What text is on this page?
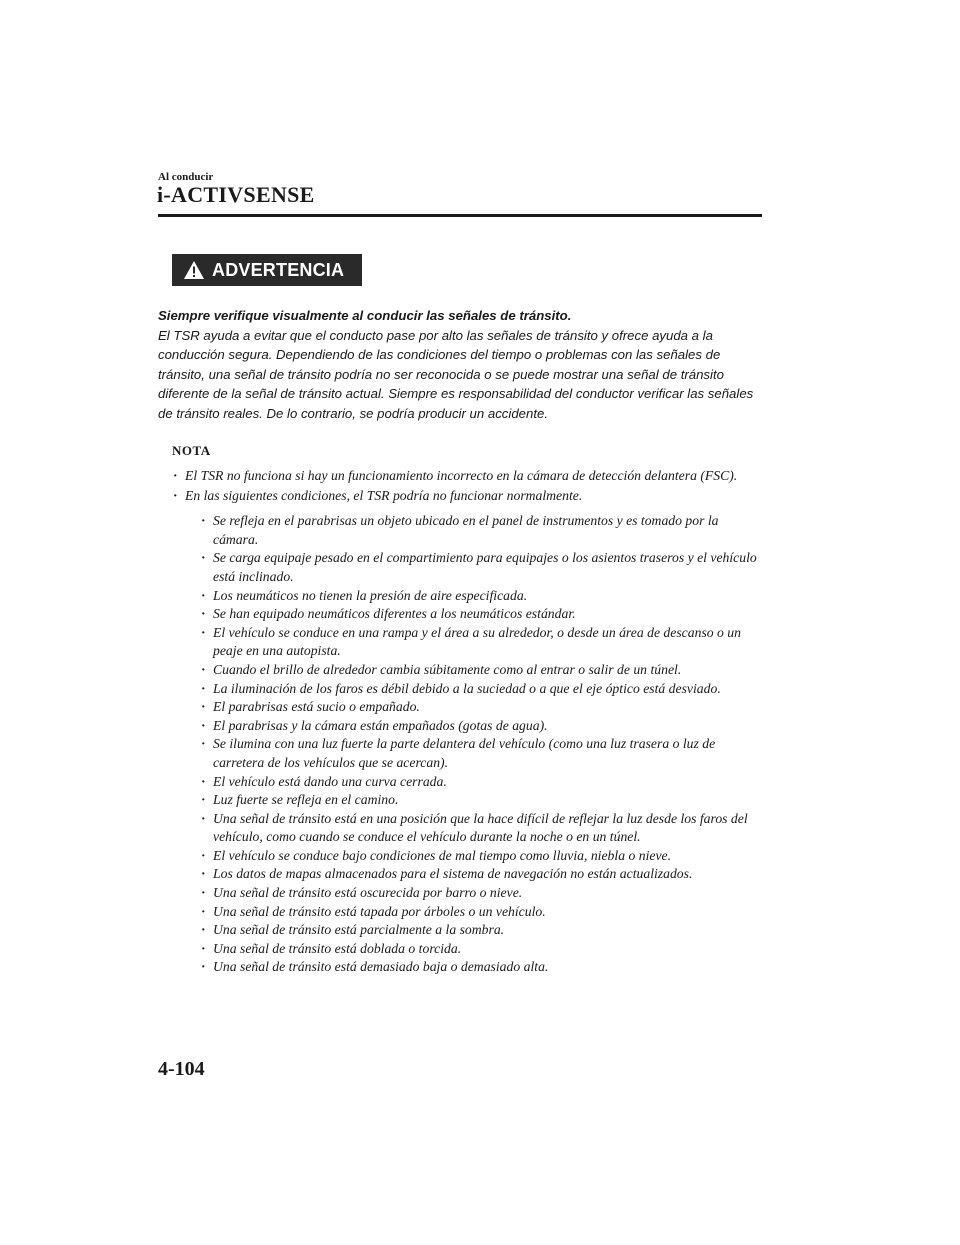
Al conducir
i-ACTIVSENSE
ADVERTENCIA
Siempre verifique visualmente al conducir las señales de tránsito.
El TSR ayuda a evitar que el conducto pase por alto las señales de tránsito y ofrece ayuda a la conducción segura. Dependiendo de las condiciones del tiempo o problemas con las señales de tránsito, una señal de tránsito podría no ser reconocida o se puede mostrar una señal de tránsito diferente de la señal de tránsito actual. Siempre es responsabilidad del conductor verificar las señales de tránsito reales. De lo contrario, se podría producir un accidente.
NOTA
· El TSR no funciona si hay un funcionamiento incorrecto en la cámara de detección delantera (FSC).
· En las siguientes condiciones, el TSR podría no funcionar normalmente.
· Se refleja en el parabrisas un objeto ubicado en el panel de instrumentos y es tomado por la cámara.
· Se carga equipaje pesado en el compartimiento para equipajes o los asientos traseros y el vehículo está inclinado.
· Los neumáticos no tienen la presión de aire especificada.
· Se han equipado neumáticos diferentes a los neumáticos estándar.
· El vehículo se conduce en una rampa y el área a su alrededor, o desde un área de descanso o un peaje en una autopista.
· Cuando el brillo de alrededor cambia súbitamente como al entrar o salir de un túnel.
· La iluminación de los faros es débil debido a la suciedad o a que el eje óptico está desviado.
· El parabrisas está sucio o empañado.
· El parabrisas y la cámara están empañados (gotas de agua).
· Se ilumina con una luz fuerte la parte delantera del vehículo (como una luz trasera o luz de carretera de los vehículos que se acercan).
· El vehículo está dando una curva cerrada.
· Luz fuerte se refleja en el camino.
· Una señal de tránsito está en una posición que la hace difícil de reflejar la luz desde los faros del vehículo, como cuando se conduce el vehículo durante la noche o en un túnel.
· El vehículo se conduce bajo condiciones de mal tiempo como lluvia, niebla o nieve.
· Los datos de mapas almacenados para el sistema de navegación no están actualizados.
· Una señal de tránsito está oscurecida por barro o nieve.
· Una señal de tránsito está tapada por árboles o un vehículo.
· Una señal de tránsito está parcialmente a la sombra.
· Una señal de tránsito está doblada o torcida.
· Una señal de tránsito está demasiado baja o demasiado alta.
4-104
